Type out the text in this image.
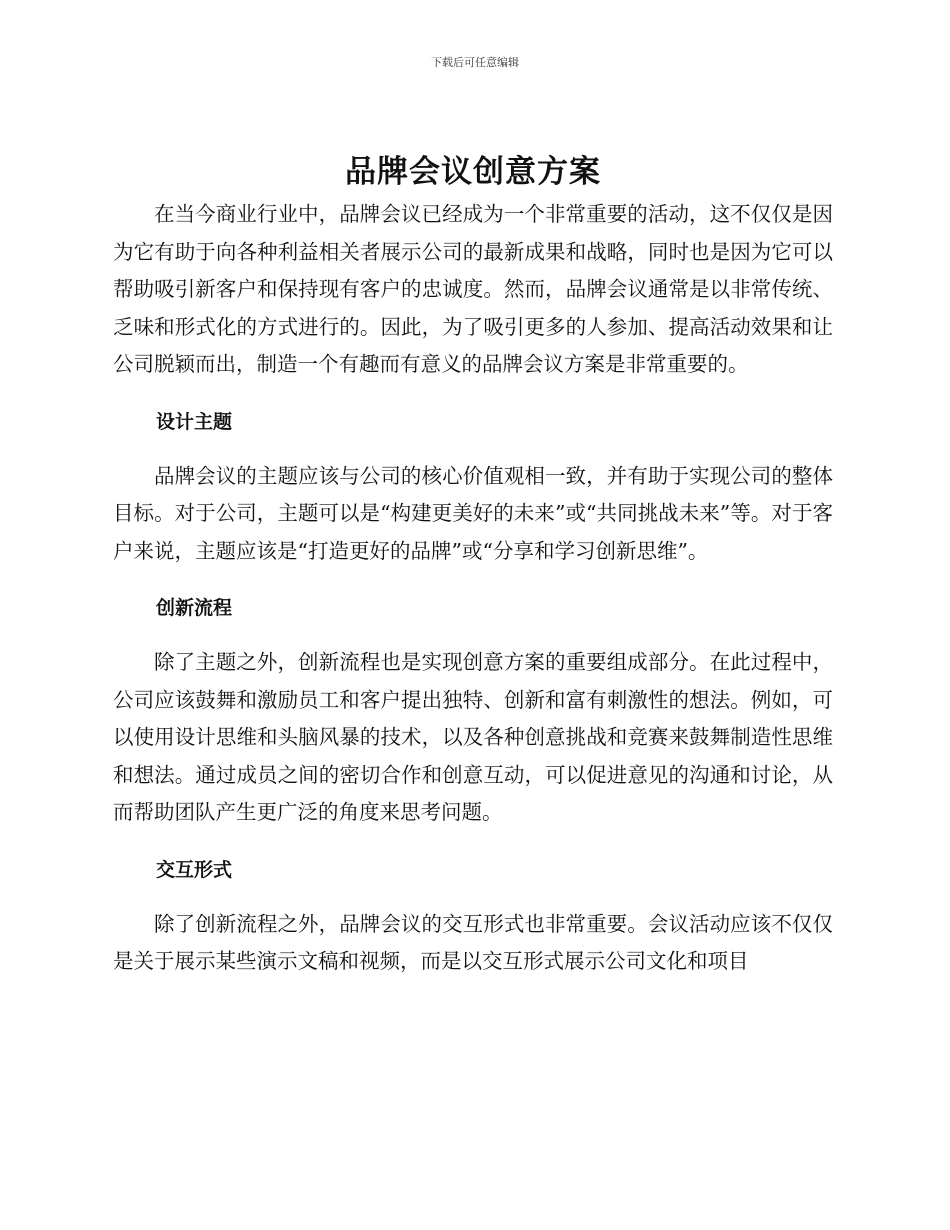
下载后可任意编辑
品牌会议创意方案

在当今商业行业中，品牌会议已经成为一个非常重要的活动，这不仅仅是因为它有助于向各种利益相关者展示公司的最新成果和战略，同时也是因为它可以帮助吸引新客户和保持现有客户的忠诚度。然而，品牌会议通常是以非常传统、乏味和形式化的方式进行的。因此，为了吸引更多的人参加、提高活动效果和让公司脱颖而出，制造一个有趣而有意义的品牌会议方案是非常重要的。

设计主题

品牌会议的主题应该与公司的核心价值观相一致，并有助于实现公司的整体目标。对于公司，主题可以是“构建更美好的未来”或“共同挑战未来”等。对于客户来说，主题应该是“打造更好的品牌”或“分享和学习创新思维”。

创新流程

除了主题之外，创新流程也是实现创意方案的重要组成部分。在此过程中，公司应该鼓舞和激励员工和客户提出独特、创新和富有刺激性的想法。例如，可以使用设计思维和头脑风暴的技术，以及各种创意挑战和竞赛来鼓舞制造性思维和想法。通过成员之间的密切合作和创意互动，可以促进意见的沟通和讨论，从而帮助团队产生更广泛的角度来思考问题。

交互形式

除了创新流程之外，品牌会议的交互形式也非常重要。会议活动应该不仅仅是关于展示某些演示文稿和视频，而是以交互形式展示公司文化和项目
